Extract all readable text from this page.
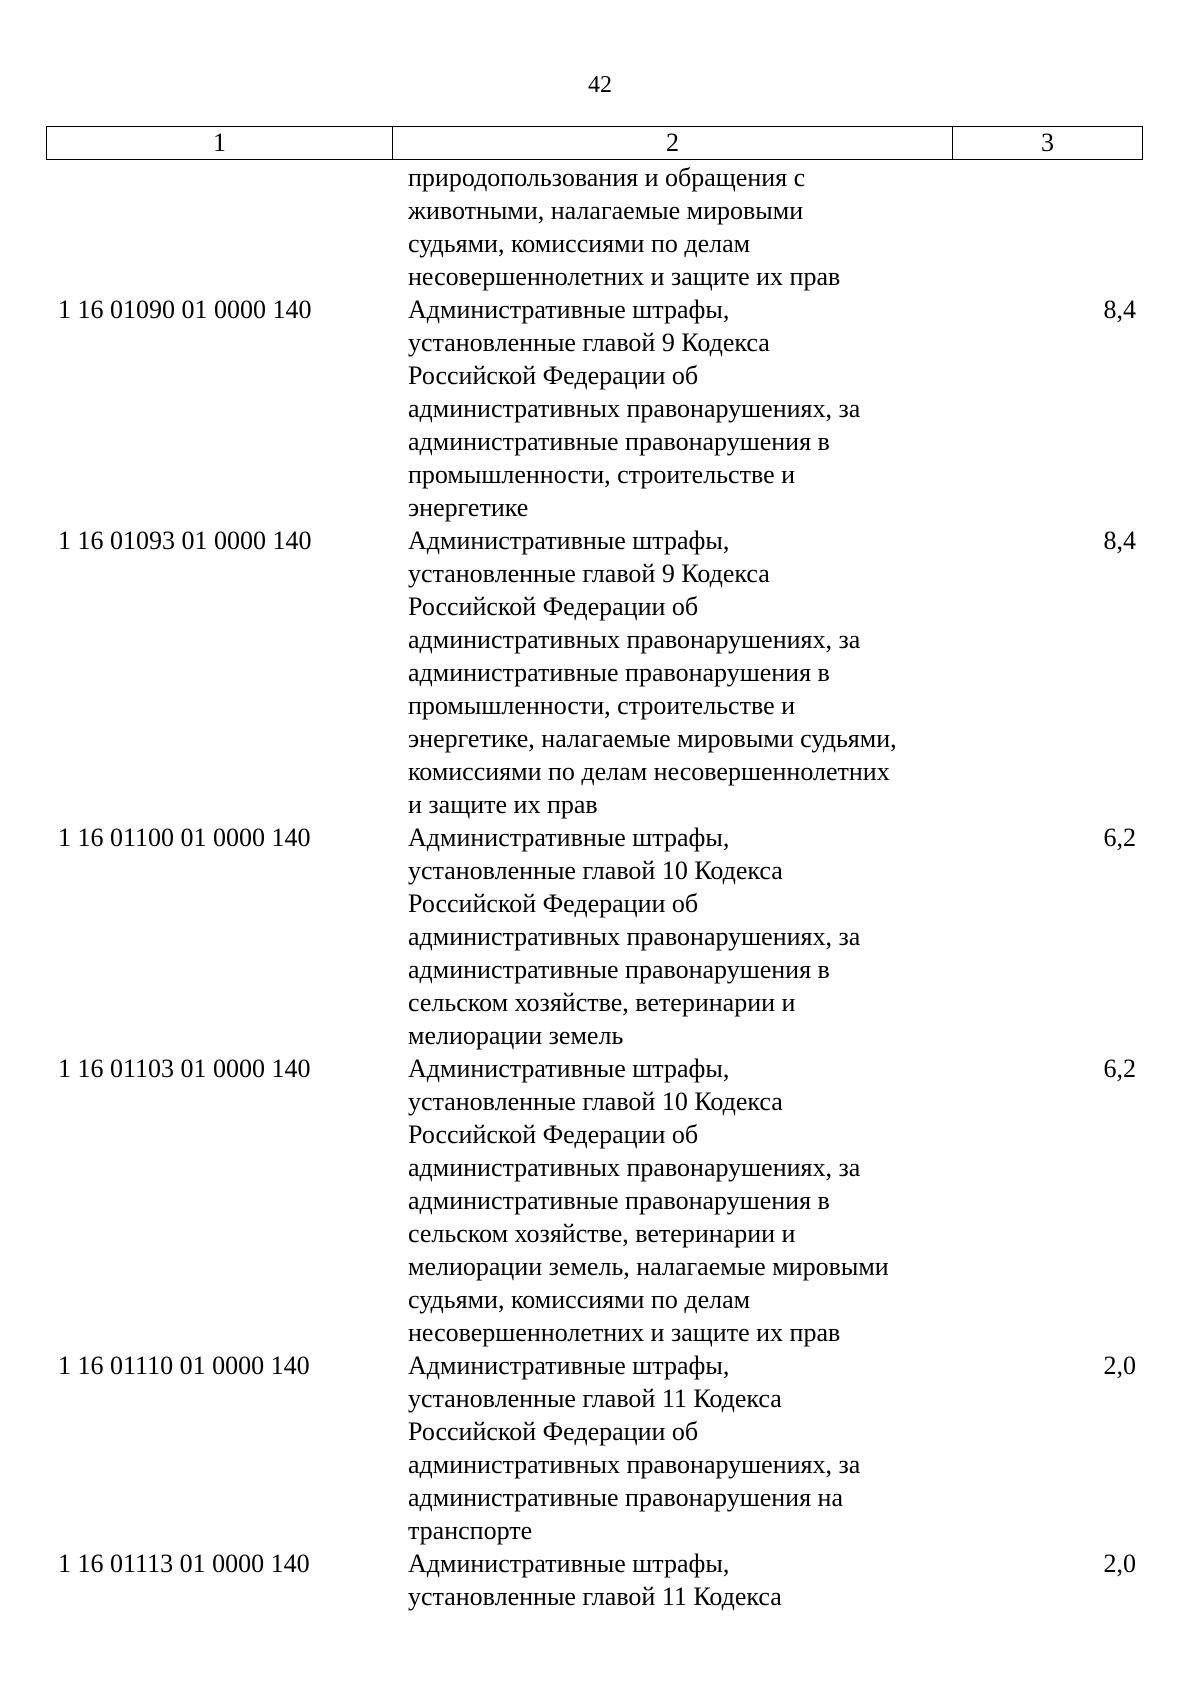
42
1	2	3
природопользования и обращения с
животными, налагаемые мировыми
судьями, комиссиями по делам
несовершеннолетних и защите их прав
1 16 01090 01 0000 140	Административные штрафы,
установленные главой 9 Кодекса
Российской Федерации об
административных правонарушениях, за
административные правонарушения в
промышленности, строительстве и
энергетике
8,4
1 16 01093 01 0000 140	Административные штрафы,
установленные главой 9 Кодекса
Российской Федерации об
административных правонарушениях, за
административные правонарушения в
промышленности, строительстве и
энергетике, налагаемые мировыми судьями,
комиссиями по делам несовершеннолетних
и защите их прав
8,4
1 16 01100 01 0000 140	Административные штрафы,
установленные главой 10 Кодекса
Российской Федерации об
административных правонарушениях, за
административные правонарушения в
сельском хозяйстве, ветеринарии и
мелиорации земель
6,2
1 16 01103 01 0000 140	Административные штрафы,
установленные главой 10 Кодекса
Российской Федерации об
административных правонарушениях, за
административные правонарушения в
сельском хозяйстве, ветеринарии и
мелиорации земель, налагаемые мировыми
судьями, комиссиями по делам
несовершеннолетних и защите их прав
6,2
1 16 01110 01 0000 140	Административные штрафы,
установленные главой 11 Кодекса
Российской Федерации об
административных правонарушениях, за
административные правонарушения на
транспорте
2,0
1 16 01113 01 0000 140	Административные штрафы,
установленные главой 11 Кодекса
2,0
